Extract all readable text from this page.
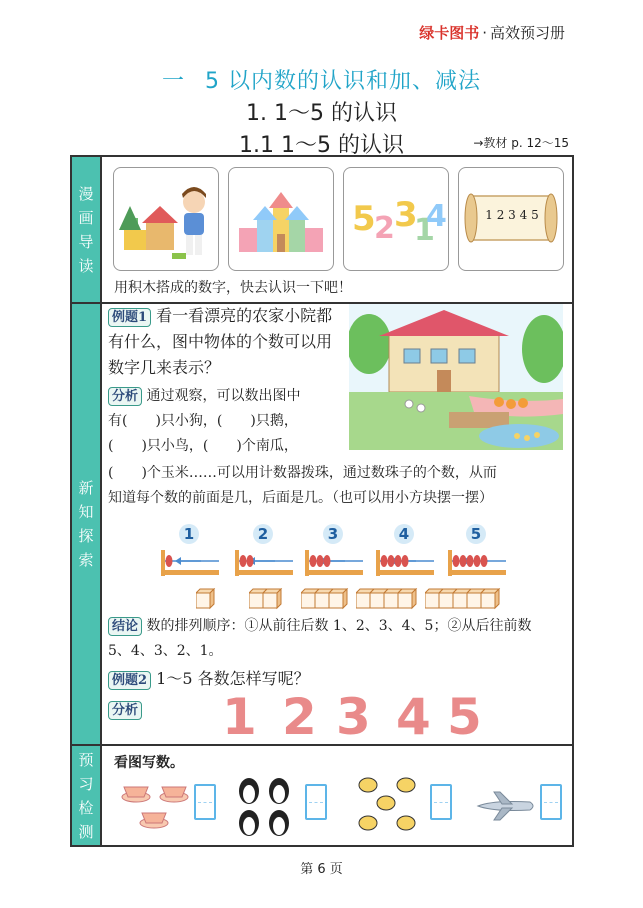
绿卡图书 · 高效预习册
一 5 以内数的认识和加、减法
1. 1～5 的认识
1.1 1～5 的认识	→教材 p. 12～15
漫画导读
新知探索
预习检测
5
2 3
1
4	1 2 3 4 5
用积木搭成的数字，快去认识一下吧！
例题1 看一看漂亮的农家小院都有什么，图中物体的个数可以用数字几来表示？
分析 通过观察，可以数出图中
有(　　)只小狗，(　　)只鹅，
(　　)只小鸟，(　　)个南瓜，
(　　)个玉米……可以用计数器拨珠，通过数珠子的个数，从而
知道每个数的前面是几，后面是几。（也可以用小方块摆一摆）
1	2	3	4	5
结论 数的排列顺序：①从前往后数 1、2、3、4、5；②从后往前数
5、4、3、2、1。
例题2 1～5 各数怎样写呢？
分析 1 2 3 4 5
看图写数。
第 6 页
